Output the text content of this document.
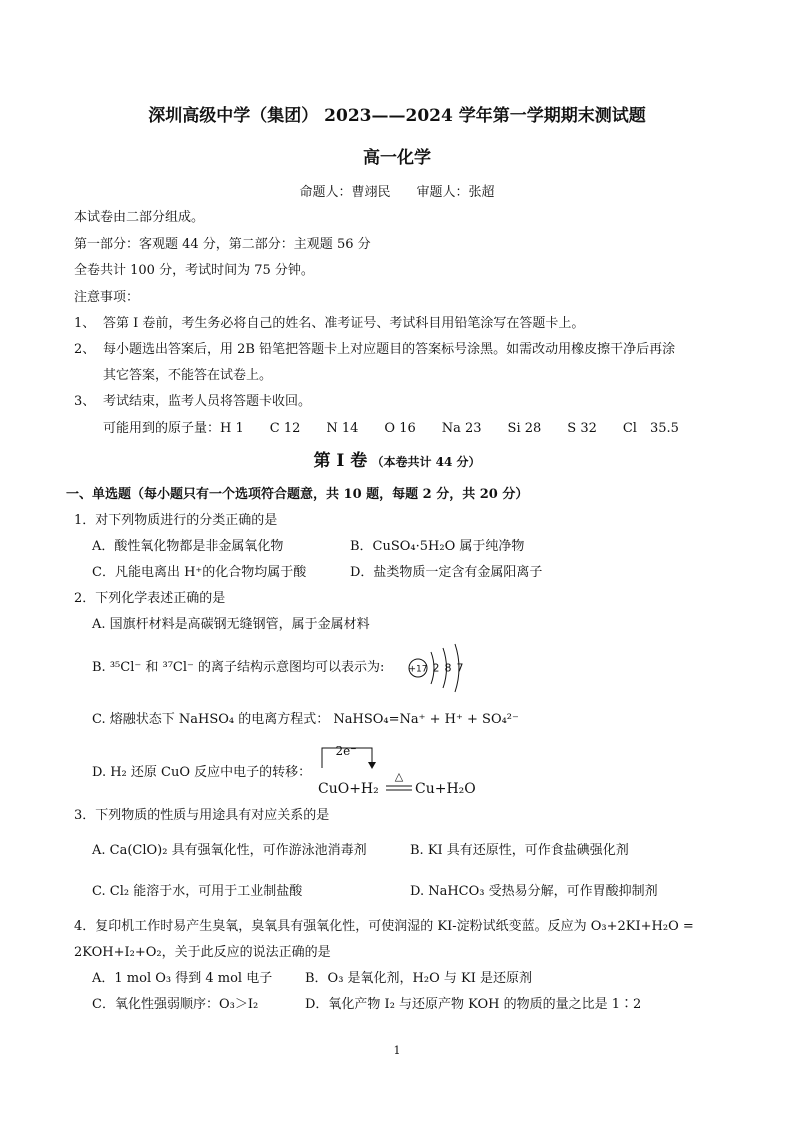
深圳高级中学（集团） 2023——2024 学年第一学期期末测试题
高一化学
命题人：曹翊民　　审题人：张超
本试卷由二部分组成。
第一部分：客观题 44 分，第二部分：主观题 56 分
全卷共计 100 分，考试时间为 75 分钟。
注意事项：
1、 答第 I 卷前，考生务必将自己的姓名、准考证号、考试科目用铅笔涂写在答题卡上。
2、 每小题选出答案后，用 2B 铅笔把答题卡上对应题目的答案标号涂黑。如需改动用橡皮擦干净后再涂
其它答案，不能答在试卷上。
3、 考试结束，监考人员将答题卡收回。
可能用到的原子量：H 1　　C 12　　N 14　　O 16　　Na 23　　Si 28　　S 32　　Cl　35.5
第 I 卷 （本卷共计 44 分）
一、单选题（每小题只有一个选项符合题意，共 10 题，每题 2 分，共 20 分）
1．对下列物质进行的分类正确的是
A．酸性氧化物都是非金属氧化物	B．CuSO₄·5H₂O 属于纯净物
C．凡能电离出 H⁺的化合物均属于酸	D．盐类物质一定含有金属阳离子
2．下列化学表述正确的是
A. 国旗杆材料是高碳钢无缝钢管，属于金属材料
B. ³⁵Cl⁻ 和 ³⁷Cl⁻ 的离子结构示意图均可以表示为:	+17 2 8 7
C. 熔融状态下 NaHSO₄ 的电离方程式： NaHSO₄=Na⁺ + H⁺ + SO₄²⁻
D. H₂ 还原 CuO 反应中电子的转移：
2e⁻
CuO+H₂
△
Cu+H₂O
3．下列物质的性质与用途具有对应关系的是
A. Ca(ClO)₂ 具有强氧化性，可作游泳池消毒剂	B. KI 具有还原性，可作食盐碘强化剂
C. Cl₂ 能溶于水，可用于工业制盐酸	D. NaHCO₃ 受热易分解，可作胃酸抑制剂
4．复印机工作时易产生臭氧，臭氧具有强氧化性，可使润湿的 KI-淀粉试纸变蓝。反应为 O₃+2KI+H₂O =
2KOH+I₂+O₂，关于此反应的说法正确的是
A．1 mol O₃ 得到 4 mol 电子	B．O₃ 是氧化剂，H₂O 与 KI 是还原剂
C．氧化性强弱顺序：O₃＞I₂	D．氧化产物 I₂ 与还原产物 KOH 的物质的量之比是 1∶2
1
